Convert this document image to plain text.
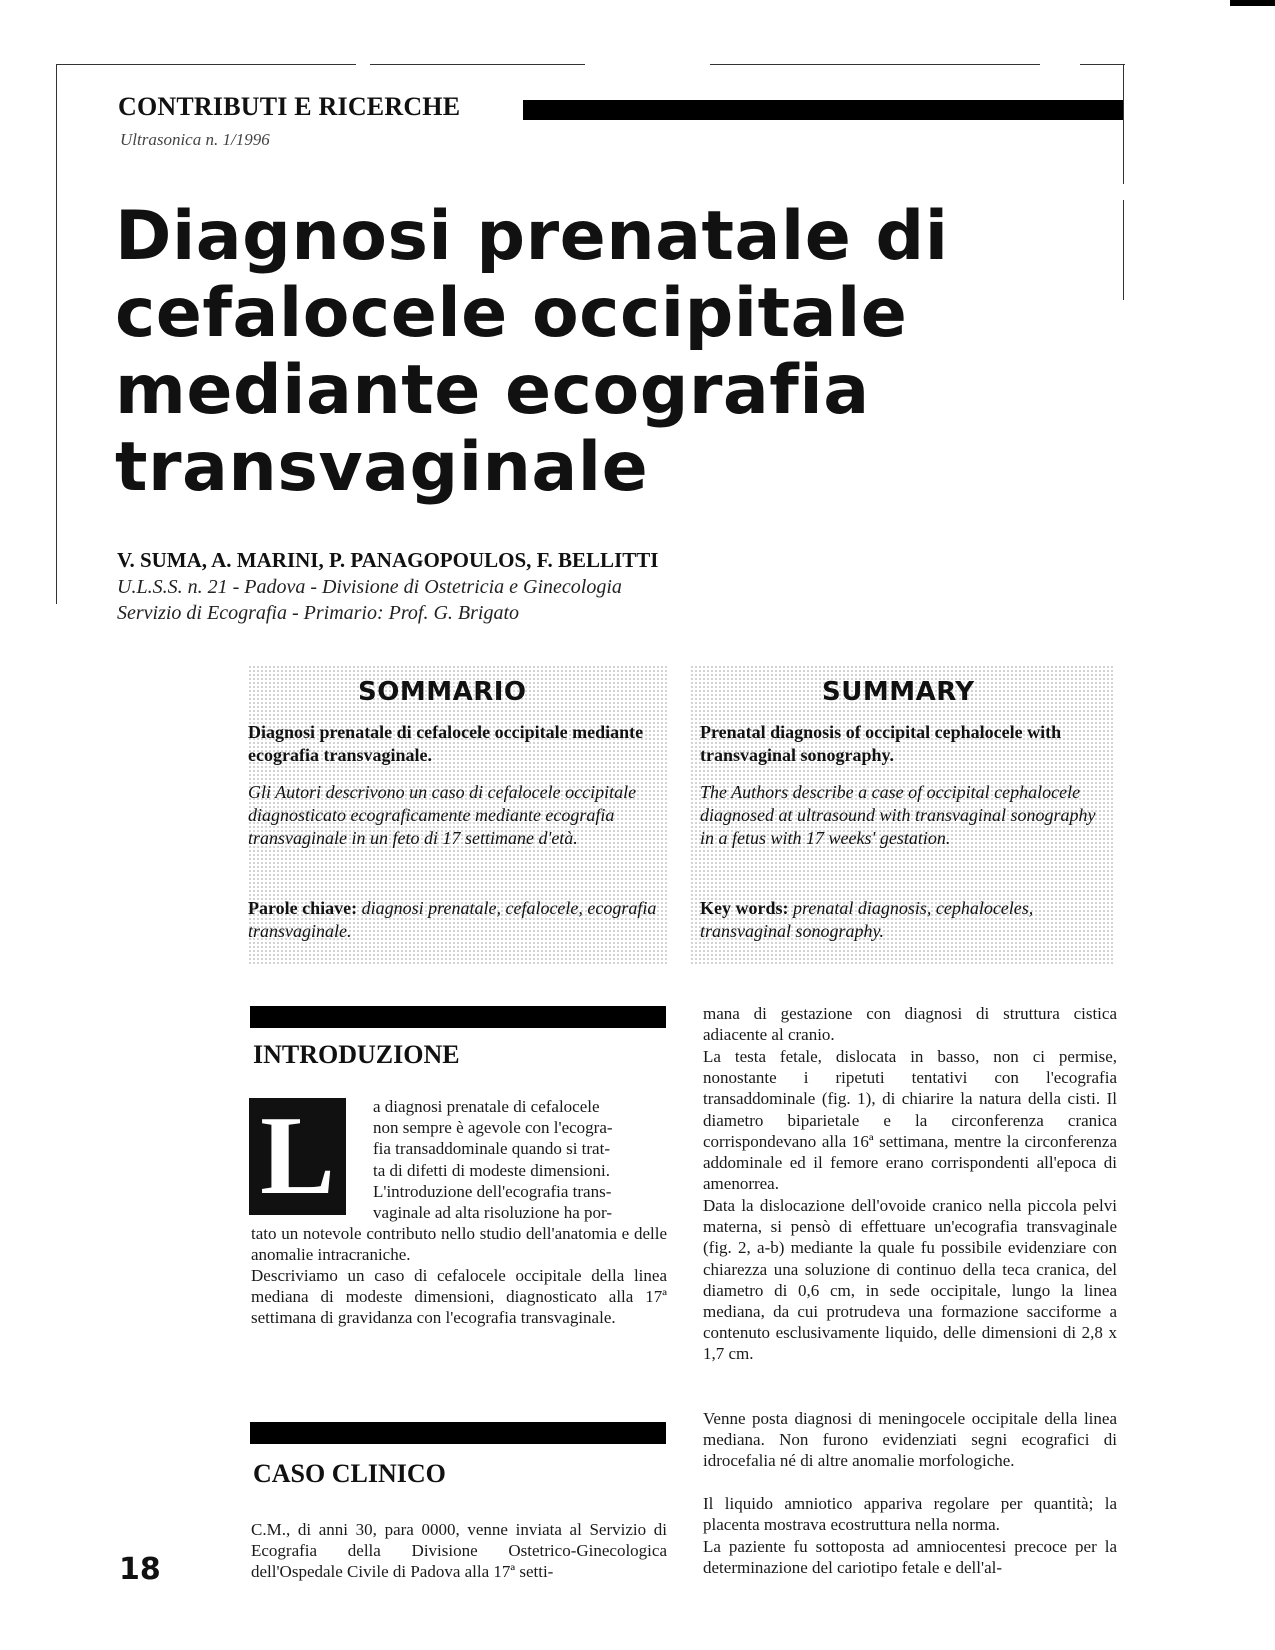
CONTRIBUTI E RICERCHE
Ultrasonica n. 1/1996
Diagnosi prenatale di
cefalocele occipitale
mediante ecografia
transvaginale
V. SUMA, A. MARINI, P. PANAGOPOULOS, F. BELLITTI
U.L.S.S. n. 21 - Padova - Divisione di Ostetricia e Ginecologia
Servizio di Ecografia - Primario: Prof. G. Brigato
SOMMARIO
Diagnosi prenatale di cefalocele occipitale mediante ecografia transvaginale.
Gli Autori descrivono un caso di cefalocele occipitale diagnosticato ecograficamente mediante ecografia transvaginale in un feto di 17 settimane d'età.
Parole chiave: diagnosi prenatale, cefalocele, ecografia transvaginale.
SUMMARY
Prenatal diagnosis of occipital cephalocele with transvaginal sonography.
The Authors describe a case of occipital cephalocele diagnosed at ultrasound with transvaginal sonography in a fetus with 17 weeks' gestation.
Key words: prenatal diagnosis, cephaloceles, transvaginal sonography.
INTRODUZIONE
L	a diagnosi prenatale di cefalocele
non sempre è agevole con l'ecogra-
fia transaddominale quando si trat-
ta di difetti di modeste dimensioni.
L'introduzione dell'ecografia trans-
vaginale ad alta risoluzione ha por-
tato un notevole contributo nello studio dell'anatomia e delle anomalie intracraniche.
Descriviamo un caso di cefalocele occipitale della linea mediana di modeste dimensioni, diagnosticato alla 17ª settimana di gravidanza con l'ecografia transvaginale.
CASO CLINICO
C.M., di anni 30, para 0000, venne inviata al Servizio di Ecografia della Divisione Ostetrico-Ginecologica dell'Ospedale Civile di Padova alla 17ª setti-
mana di gestazione con diagnosi di struttura cistica adiacente al cranio.
La testa fetale, dislocata in basso, non ci permise, nonostante i ripetuti tentativi con l'ecografia transaddominale (fig. 1), di chiarire la natura della cisti. Il diametro biparietale e la circonferenza cranica corrispondevano alla 16ª settimana, mentre la circonferenza addominale ed il femore erano corrispondenti all'epoca di amenorrea.
Data la dislocazione dell'ovoide cranico nella piccola pelvi materna, si pensò di effettuare un'ecografia transvaginale (fig. 2, a-b) mediante la quale fu possibile evidenziare con chiarezza una soluzione di continuo della teca cranica, del diametro di 0,6 cm, in sede occipitale, lungo la linea mediana, da cui protrudeva una formazione sacciforme a contenuto esclusivamente liquido, delle dimensioni di 2,8 x 1,7 cm.
Venne posta diagnosi di meningocele occipitale della linea mediana. Non furono evidenziati segni ecografici di idrocefalia né di altre anomalie morfologiche.
Il liquido amniotico appariva regolare per quantità; la placenta mostrava ecostruttura nella norma.
La paziente fu sottoposta ad amniocentesi precoce per la determinazione del cariotipo fetale e dell'al-
18
